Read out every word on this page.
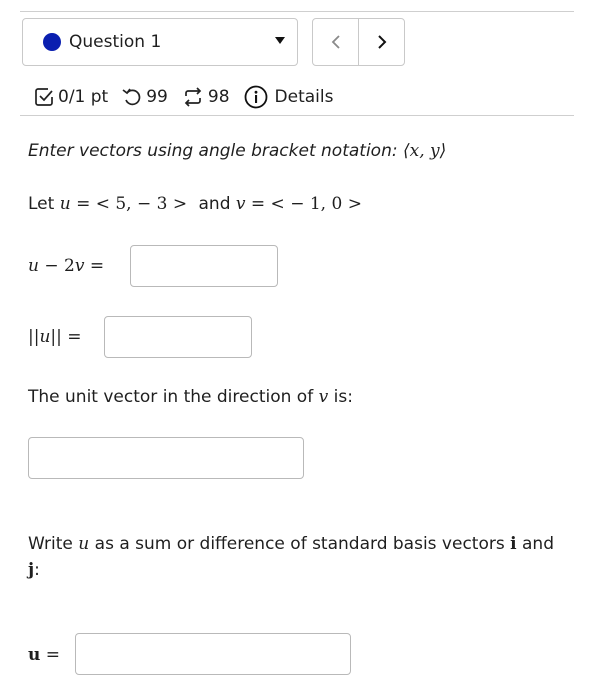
Question 1
0/1 pt 99 98	Details
Enter vectors using angle bracket notation: ⟨x, y⟩
Let u = < 5, − 3 > and v = < − 1, 0 >
u − 2v =
||u|| =
The unit vector in the direction of v is:
Write u as a sum or difference of standard basis vectors i and
j:
u =
